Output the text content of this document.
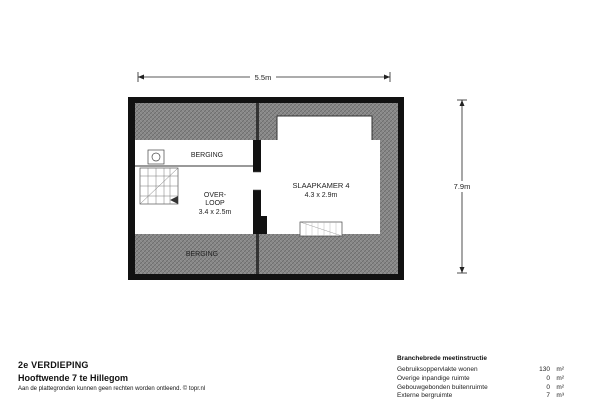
5.5m
7.9m
BERGING
OVER-
LOOP
3.4 x 2.5m
SLAAPKAMER 4
4.3 x 2.9m
BERGING
2e VERDIEPING
Hooftwende 7 te Hillegom
Aan de plattegronden kunnen geen rechten worden ontleend. © topr.nl
Branchebrede meetinstructie
Gebruiksoppervlakte wonen	130 m²
Overige inpandige ruimte	0 m²
Gebouwgebonden buitenruimte	0 m²
Externe bergruimte	7 m³
